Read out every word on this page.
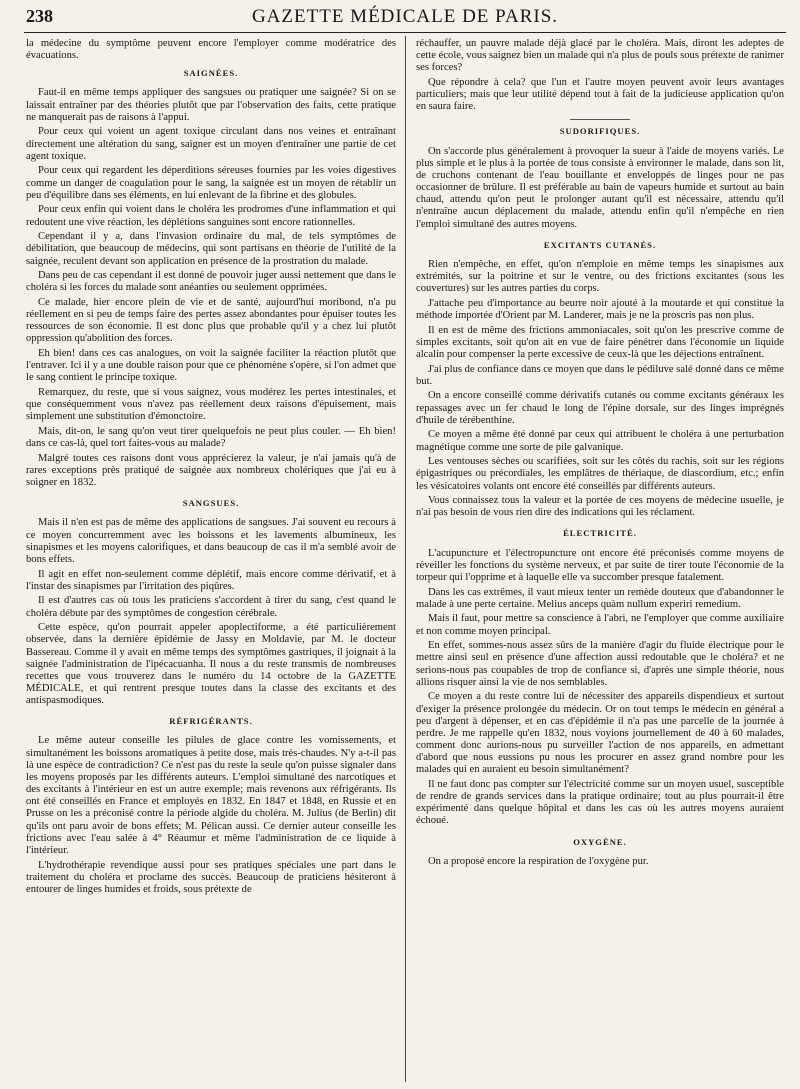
238	GAZETTE MÉDICALE DE PARIS.

la médecine du symptôme peuvent encore l'employer comme modératrice des évacuations.

SAIGNÉES.

Faut-il en même temps appliquer des sangsues ou pratiquer une saignée? Si on se laissait entraîner par des théories plutôt que par l'observation des faits, cette pratique ne manquerait pas de raisons à l'appui.

Pour ceux qui voient un agent toxique circulant dans nos veines et entraînant directement une altération du sang, saigner est un moyen d'entraîner une partie de cet agent toxique.

Pour ceux qui regardent les déperditions séreuses fournies par les voies digestives comme un danger de coagulation pour le sang, la saignée est un moyen de rétablir un peu d'équilibre dans ses éléments, en lui enlevant de la fibrine et des globules.

Pour ceux enfin qui voient dans le choléra les prodromes d'une inflammation et qui redoutent une vive réaction, les déplétions sanguines sont encore rationnelles.

Cependant il y a, dans l'invasion ordinaire du mal, de tels symptômes de débilitation, que beaucoup de médecins, qui sont partisans en théorie de l'utilité de la saignée, reculent devant son application en présence de la prostration du malade.

Dans peu de cas cependant il est donné de pouvoir juger aussi nettement que dans le choléra si les forces du malade sont anéanties ou seulement opprimées.

Ce malade, hier encore plein de vie et de santé, aujourd'hui moribond, n'a pu réellement en si peu de temps faire des pertes assez abondantes pour épuiser toutes les ressources de son économie. Il est donc plus que probable qu'il y a chez lui plutôt oppression qu'abolition des forces.

Eh bien! dans ces cas analogues, on voit la saignée faciliter la réaction plutôt que l'entraver. Ici il y a une double raison pour que ce phénomène s'opère, si l'on admet que le sang contient le principe toxique.

Remarquez, du reste, que si vous saignez, vous modérez les pertes intestinales, et que conséquemment vous n'avez pas réellement deux raisons d'épuisement, mais simplement une substitution d'émonctoire.

Mais, dit-on, le sang qu'on veut tirer quelquefois ne peut plus couler. — Eh bien! dans ce cas-là, quel tort faites-vous au malade?

Malgré toutes ces raisons dont vous apprécierez la valeur, je n'ai jamais qu'à de rares exceptions près pratiqué de saignée aux nombreux cholériques que j'ai eu à soigner en 1832.

SANGSUES.

Mais il n'en est pas de même des applications de sangsues. J'ai souvent eu recours à ce moyen concurremment avec les boissons et les lavements albumineux, les sinapismes et les moyens calorifiques, et dans beaucoup de cas il m'a semblé avoir de bons effets.

Il agit en effet non-seulement comme déplétif, mais encore comme dérivatif, et à l'instar des sinapismes par l'irritation des piqûres.

Il est d'autres cas où tous les praticiens s'accordent à tirer du sang, c'est quand le choléra débute par des symptômes de congestion cérébrale.

Cette espèce, qu'on pourrait appeler apoplectiforme, a été particulièrement observée, dans la dernière épidémie de Jassy en Moldavie, par M. le docteur Bassereau. Comme il y avait en même temps des symptômes gastriques, il joignait à la saignée l'administration de l'ipécacuanha. Il nous a du reste transmis de nombreuses recettes que vous trouverez dans le numéro du 14 octobre de la GAZETTE MÉDICALE, et qui rentrent presque toutes dans la classe des excitants et des antispasmodiques.

RÉFRIGÉRANTS.

Le même auteur conseille les pilules de glace contre les vomissements, et simultanément les boissons aromatiques à petite dose, mais très-chaudes. N'y a-t-il pas là une espèce de contradiction? Ce n'est pas du reste la seule qu'on puisse signaler dans les moyens proposés par les différents auteurs. L'emploi simultané des narcotiques et des excitants à l'intérieur en est un autre exemple; mais revenons aux réfrigérants. Ils ont été conseillés en France et employés en 1832. En 1847 et 1848, en Russie et en Prusse on les a préconisé contre la période algide du choléra. M. Julius (de Berlin) dit qu'ils ont paru avoir de bons effets; M. Pélican aussi. Ce dernier auteur conseille les frictions avec l'eau salée à 4° Réaumur et même l'administration de ce liquide à l'intérieur.

L'hydrothérapie revendique aussi pour ses pratiques spéciales une part dans le traitement du choléra et proclame des succès. Beaucoup de praticiens hésiteront à entourer de linges humides et froids, sous prétexte de

réchauffer, un pauvre malade déjà glacé par le choléra. Mais, diront les adeptes de cette école, vous saignez bien un malade qui n'a plus de pouls sous prétexte de ranimer ses forces?

Que répondre à cela? que l'un et l'autre moyen peuvent avoir leurs avantages particuliers; mais que leur utilité dépend tout à fait de la judicieuse application qu'on en saura faire.

SUDORIFIQUES.

On s'accorde plus généralement à provoquer la sueur à l'aide de moyens variés. Le plus simple et le plus à la portée de tous consiste à environner le malade, dans son lit, de cruchons contenant de l'eau bouillante et enveloppés de linges pour ne pas occasionner de brûlure. Il est préférable au bain de vapeurs humide et surtout au bain chaud, attendu qu'on peut le prolonger autant qu'il est nécessaire, attendu qu'il n'entraîne aucun déplacement du malade, attendu enfin qu'il n'empêche en rien l'emploi simultané des autres moyens.

EXCITANTS CUTANÉS.

Rien n'empêche, en effet, qu'on n'emploie en même temps les sinapismes aux extrémités, sur la poitrine et sur le ventre, ou des frictions excitantes (sous les couvertures) sur les autres parties du corps.

J'attache peu d'importance au beurre noir ajouté à la moutarde et qui constitue la méthode importée d'Orient par M. Landerer, mais je ne la proscris pas non plus.

Il en est de même des frictions ammoniacales, soit qu'on les prescrive comme de simples excitants, soit qu'on ait en vue de faire pénétrer dans l'économie un liquide alcalin pour compenser la perte excessive de ceux-là que les déjections entraînent.

J'ai plus de confiance dans ce moyen que dans le pédiluve salé donné dans ce même but.

On a encore conseillé comme dérivatifs cutanés ou comme excitants généraux les repassages avec un fer chaud le long de l'épine dorsale, sur des linges imprégnés d'huile de térébenthine.

Ce moyen a même été donné par ceux qui attribuent le choléra à une perturbation magnétique comme une sorte de pile galvanique.

Les ventouses sèches ou scarifiées, soit sur les côtés du rachis, soit sur les régions épigastriques ou précordiales, les emplâtres de thériaque, de diascordium, etc.; enfin les vésicatoires volants ont encore été conseillés par différents auteurs.

Vous connaissez tous la valeur et la portée de ces moyens de médecine usuelle, je n'ai pas besoin de vous rien dire des indications qui les réclament.

ÉLECTRICITÉ.

L'acupuncture et l'électropuncture ont encore été préconisés comme moyens de réveiller les fonctions du système nerveux, et par suite de tirer toute l'économie de la torpeur qui l'opprime et à laquelle elle va succomber presque fatalement.

Dans les cas extrêmes, il vaut mieux tenter un remède douteux que d'abandonner le malade à une perte certaine. Melius anceps quàm nullum experiri remedium.

Mais il faut, pour mettre sa conscience à l'abri, ne l'employer que comme auxiliaire et non comme moyen principal.

En effet, sommes-nous assez sûrs de la manière d'agir du fluide électrique pour le mettre ainsi seul en présence d'une affection aussi redoutable que le choléra? et ne serions-nous pas coupables de trop de confiance si, d'après une simple théorie, nous allions risquer ainsi la vie de nos semblables.

Ce moyen a du reste contre lui de nécessiter des appareils dispendieux et surtout d'exiger la présence prolongée du médecin. Or on tout temps le médecin en général a peu d'argent à dépenser, et en cas d'épidémie il n'a pas une parcelle de la journée à perdre. Je me rappelle qu'en 1832, nous voyions journellement de 40 à 60 malades, comment donc aurions-nous pu surveiller l'action de nos appareils, en admettant d'abord que nous eussions pu nous les procurer en assez grand nombre pour les malades qui en auraient eu besoin simultanément?

Il ne faut donc pas compter sur l'électricité comme sur un moyen usuel, susceptible de rendre de grands services dans la pratique ordinaire; tout au plus pourrait-il être expérimenté dans quelque hôpital et dans les cas où les autres moyens auraient échoué.

OXYGÈNE.

On a proposé encore la respiration de l'oxygène pur.
